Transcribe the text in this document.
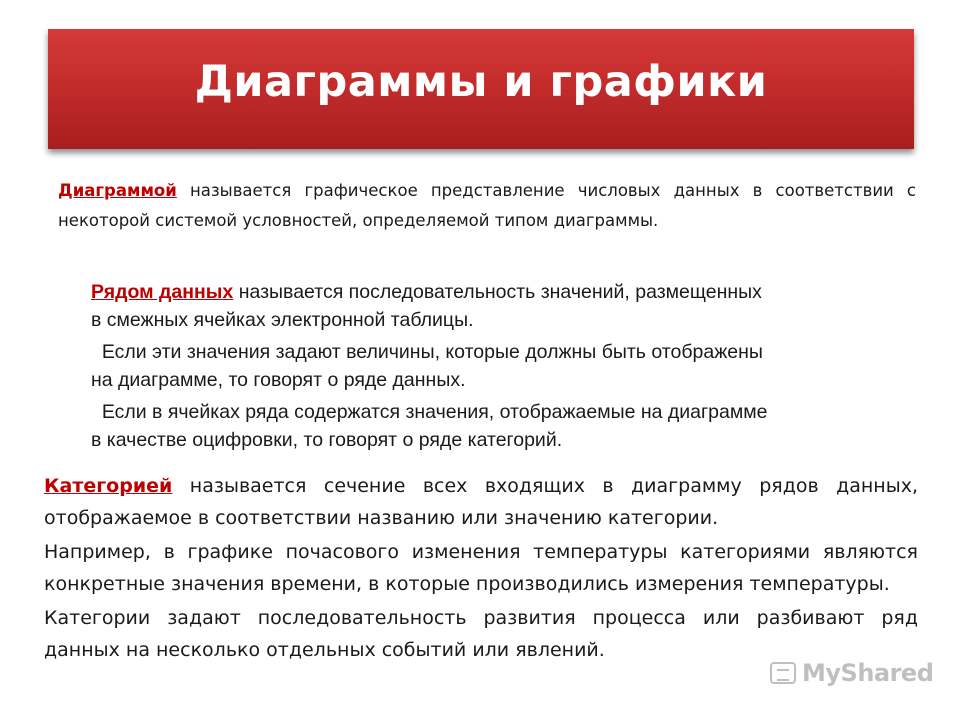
Диаграммы и графики
Диаграммой называется графическое представление числовых данных в соответствии с некоторой системой условностей, определяемой типом диаграммы.
Рядом данных называется последовательность значений, размещенных
в смежных ячейках электронной таблицы.
Если эти значения задают величины, которые должны быть отображены
на диаграмме, то говорят о ряде данных.
Если в ячейках ряда содержатся значения, отображаемые на диаграмме
в качестве оцифровки, то говорят о ряде категорий.
Категорией называется сечение всех входящих в диаграмму рядов данных, отображаемое в соответствии названию или значению категории.
Например, в графике почасового изменения температуры категориями являются конкретные значения времени, в которые производились измерения температуры.
Категории задают последовательность развития процесса или разбивают ряд данных на несколько отдельных событий или явлений.
MyShared
